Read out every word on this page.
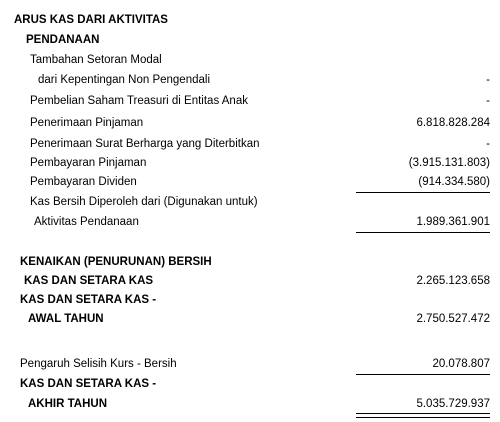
ARUS KAS DARI AKTIVITAS
PENDANAAN
Tambahan Setoran Modal
dari Kepentingan Non Pengendali	-
Pembelian Saham Treasuri di Entitas Anak	-
Penerimaan Pinjaman	6.818.828.284
Penerimaan Surat Berharga yang Diterbitkan	-
Pembayaran Pinjaman	(3.915.131.803)
Pembayaran Dividen	(914.334.580)
Kas Bersih Diperoleh dari (Digunakan untuk)
Aktivitas Pendanaan	1.989.361.901
KENAIKAN (PENURUNAN) BERSIH
KAS DAN SETARA KAS	2.265.123.658
KAS DAN SETARA KAS -
AWAL TAHUN	2.750.527.472
Pengaruh Selisih Kurs - Bersih	20.078.807
KAS DAN SETARA KAS -
AKHIR TAHUN	5.035.729.937
